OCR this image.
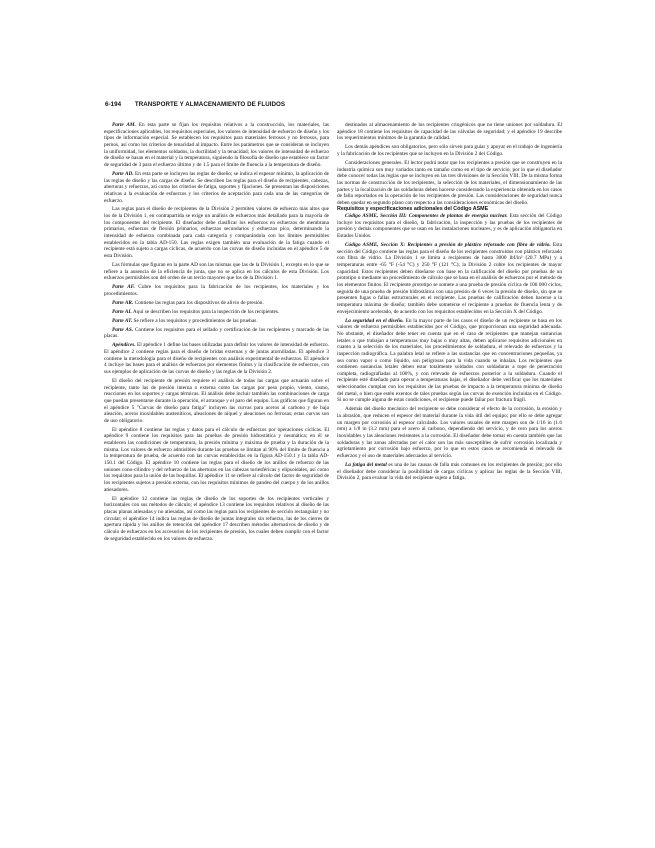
6-194 TRANSPORTE Y ALMACENAMIENTO DE FLUIDOS

Parte AM. En esta parte se fijan los requisitos relativos a la construcción, los materiales, las especificaciones aplicables, los requisitos especiales, los valores de intensidad de esfuerzo de diseño y los tipos de información especial. Se establecen los requisitos para materiales ferrosos y no ferrosos, para pernos, así como los criterios de tenacidad al impacto. Entre los parámetros que se consideran se incluyen la uniformidad, los elementos soldados, la ductilidad y la tenacidad; los valores de intensidad de esfuerzo de diseño se basan en el material y la temperatura, siguiendo la filosofía de diseño que establece un factor de seguridad de 3 para el esfuerzo último y de 1.5 para el límite de fluencia a la temperatura de diseño.

Parte AD. En esta parte se incluyen las reglas de diseño; se indica el espesor mínimo, la aplicación de las reglas de diseño y las cargas de diseño. Se describen las reglas para el diseño de recipientes, cabezas, aberturas y refuerzos, así como los criterios de fatiga, soportes y fijaciones. Se presentan las disposiciones relativas a la evaluación de esfuerzos y los criterios de aceptación para cada una de las categorías de esfuerzo.

Las reglas para el diseño de recipientes de la División 2 permiten valores de esfuerzo más altos que los de la División 1, en contrapartida se exige un análisis de esfuerzos más detallado para la mayoría de los componentes del recipiente. El diseñador debe clasificar los esfuerzos en esfuerzos de membrana primarios, esfuerzos de flexión primarios, esfuerzos secundarios y esfuerzos pico, determinando la intensidad de esfuerzo combinada para cada categoría y comparándola con los límites permisibles establecidos en la tabla AD-150. Las reglas exigen también una evaluación de la fatiga cuando el recipiente está sujeto a cargas cíclicas, de acuerdo con las curvas de diseño incluidas en el apéndice 5 de esta División.

Las fórmulas que figuran en la parte AD son las mismas que las de la División 1, excepto en lo que se refiere a la ausencia de la eficiencia de junta, que no se aplica en los cálculos de esta División. Los esfuerzos permisibles son del orden de un tercio mayores que los de la División 1.

Parte AF. Cubre los requisitos para la fabricación de los recipientes, los materiales y los procedimientos.

Parte AR. Contiene las reglas para los dispositivos de alivio de presión.

Parte AI. Aquí se describen los requisitos para la inspección de los recipientes.

Parte AT. Se refiere a los requisitos y procedimientos de las pruebas.

Parte AS. Contiene los requisitos para el sellado y certificación de los recipientes y marcado de las placas.

Apéndices. El apéndice 1 define las bases utilizadas para definir los valores de intensidad de esfuerzo. El apéndice 2 contiene reglas para el diseño de bridas externas y de juntas atornilladas. El apéndice 3 contiene la metodología para el diseño de recipientes con análisis experimental de esfuerzos. El apéndice 4 incluye las bases para el análisis de esfuerzos por elementos finitos y la clasificación de esfuerzos, con sus ejemplos de aplicación de las curvas de diseño y las reglas de la División 2.

El diseño del recipiente de presión requiere el análisis de todas las cargas que actuarán sobre el recipiente, tanto las de presión interna o externa como las cargas por peso propio, viento, sismo, reacciones en los soportes y cargas térmicas. El análisis debe incluir también las combinaciones de carga que puedan presentarse durante la operación, el arranque y el paro del equipo. Las gráficas que figuran en el apéndice 5 "Curvas de diseño para fatiga" incluyen las curvas para aceros al carbono y de baja aleación, aceros inoxidables austeníticos, aleaciones de níquel y aleaciones no ferrosas; estas curvas son de uso obligatorio.

El apéndice 8 contiene las reglas y datos para el cálculo de esfuerzos por operaciones cíclicas. El apéndice 9 contiene los requisitos para las pruebas de presión hidrostática y neumática; en él se establecen las condiciones de temperatura, la presión mínima y máxima de prueba y la duración de la misma. Los valores de esfuerzo admisibles durante las pruebas se limitan al 90% del límite de fluencia a la temperatura de prueba, de acuerdo con las curvas establecidas en la figura AD-150.1 y la tabla AD-150.1 del Código. El apéndice 10 contiene las reglas para el diseño de los anillos de refuerzo de las uniones cono-cilindro y del refuerzo de las aberturas en las cabezas toriesféricas y elipsoidales, así como los requisitos para la unión de las boquillas. El apéndice 11 se refiere al cálculo del factor de seguridad de los recipientes sujetos a presión externa, con los requisitos mínimos de pandeo del cuerpo y de los anillos atiesadores.

El apéndice 12 contiene las reglas de diseño de los soportes de los recipientes verticales y horizontales con sus métodos de cálculo; el apéndice 13 contiene los requisitos relativos al diseño de las placas planas atiesadas y no atiesadas, así como las reglas para los recipientes de sección rectangular y no circular; el apéndice 14 indica las reglas de diseño de juntas integrales sin refuerzo, las de los cierres de apertura rápida y los anillos de retención del apéndice 17 describen métodos alternativos de diseño y de cálculo de esfuerzos en los accesorios de los recipientes de presión, los cuales deben cumplir con el factor de seguridad establecido en los valores de esfuerzo.

destinados al almacenamiento de los recipientes criogénicos que no tiene uniones por soldadura. El apéndice 18 contiene los requisitos de capacidad de las válvulas de seguridad; y el apéndice 19 describe los requerimientos mínimos de la garantía de calidad.

Los demás apéndices son obligatorios, pero sólo sirven para guiar y apoyar en el trabajo de ingeniería y la fabricación de los recipientes que se incluyen en la División 2 del Código.

Consideraciones generales. El lector podrá notar que los recipientes a presión que se construyen en la industria química son muy variados tanto en tamaño como en el tipo de servicio, por lo que el diseñador debe conocer todas las reglas que se incluyen en las tres divisiones de la Sección VIII. De la misma forma las normas de construcción de los recipientes, la selección de los materiales, el dimensionamiento de las partes y la localización de las soldaduras deben hacerse considerando la experiencia obtenida en los casos de falla reportados en la operación de los recipientes de presión. Las consideraciones de seguridad nunca deben quedar en segundo plano con respecto a las consideraciones económicas del diseño.

Requisitos y especificaciones adicionales del Código ASME

Código ASME, Sección III: Componentes de plantas de energía nuclear. Esta sección del Código incluye los requisitos para el diseño, la fabricación, la inspección y las pruebas de los recipientes de presión y demás componentes que se usan en las instalaciones nucleares, y es de aplicación obligatoria en Estados Unidos.

Código ASME, Sección X: Recipientes a presión de plástico reforzado con fibra de vidrio. Esta sección del Código contiene las reglas para el diseño de los recipientes construidos con plástico reforzado con fibra de vidrio. La División 1 se limita a recipientes de hasta 3000 lbf/in² (20.7 MPa) y a temperaturas entre -65 °F (-54 °C) y 250 °F (121 °C); la División 2 cubre los recipientes de mayor capacidad. Estos recipientes deben diseñarse con base en la calificación del diseño por pruebas de un prototipo o mediante un procedimiento de cálculo que se basa en el análisis de esfuerzos por el método de los elementos finitos. El recipiente prototipo se somete a una prueba de presión cíclica de 100 000 ciclos, seguida de una prueba de presión hidrostática con una presión de 6 veces la presión de diseño, sin que se presenten fugas o fallas estructurales en el recipiente. Las pruebas de calificación deben hacerse a la temperatura máxima de diseño; también debe someterse el recipiente a pruebas de fluencia lenta y de envejecimiento acelerado, de acuerdo con los requisitos establecidos en la Sección X del Código.

La seguridad en el diseño. En la mayor parte de los casos el diseño de un recipiente se basa en los valores de esfuerzo permisibles establecidos por el Código, que proporcionan una seguridad adecuada. No obstante, el diseñador debe tener en cuenta que en el caso de recipientes que manejan sustancias letales o que trabajan a temperaturas muy bajas o muy altas, deben aplicarse requisitos adicionales en cuanto a la selección de los materiales, los procedimientos de soldadura, el relevado de esfuerzos y la inspección radiográfica. La palabra letal se refiere a las sustancias que en concentraciones pequeñas, ya sea como vapor o como líquido, son peligrosas para la vida cuando se inhalan. Los recipientes que contienen sustancias letales deben estar totalmente soldados con soldaduras a tope de penetración completa, radiografiadas al 100%, y con relevado de esfuerzos posterior a la soldadura. Cuando el recipiente esté diseñado para operar a temperaturas bajas, el diseñador debe verificar que los materiales seleccionados cumplan con los requisitos de las pruebas de impacto a la temperatura mínima de diseño del metal, o bien que estén exentos de tales pruebas según las curvas de exención incluidas en el Código. Si no se cumple alguna de estas condiciones, el recipiente puede fallar por fractura frágil.

Además del diseño mecánico del recipiente se debe considerar el efecto de la corrosión, la erosión y la abrasión, que reducen el espesor del material durante la vida útil del equipo; por ello se debe agregar un margen por corrosión al espesor calculado. Los valores usuales de este margen son de 1/16 in (1.6 mm) a 1/8 in (3.2 mm) para el acero al carbono, dependiendo del servicio, y de cero para los aceros inoxidables y las aleaciones resistentes a la corrosión. El diseñador debe tomar en cuenta también que las soldaduras y las zonas afectadas por el calor son las más susceptibles de sufrir corrosión localizada y agrietamiento por corrosión bajo esfuerzo, por lo que en estos casos se recomienda el relevado de esfuerzos y el uso de materiales adecuados al servicio.

La fatiga del metal es una de las causas de falla más comunes en los recipientes de presión; por ello el diseñador debe considerar la posibilidad de cargas cíclicas y aplicar las reglas de la Sección VIII, División 2, para evaluar la vida del recipiente sujeto a fatiga.
